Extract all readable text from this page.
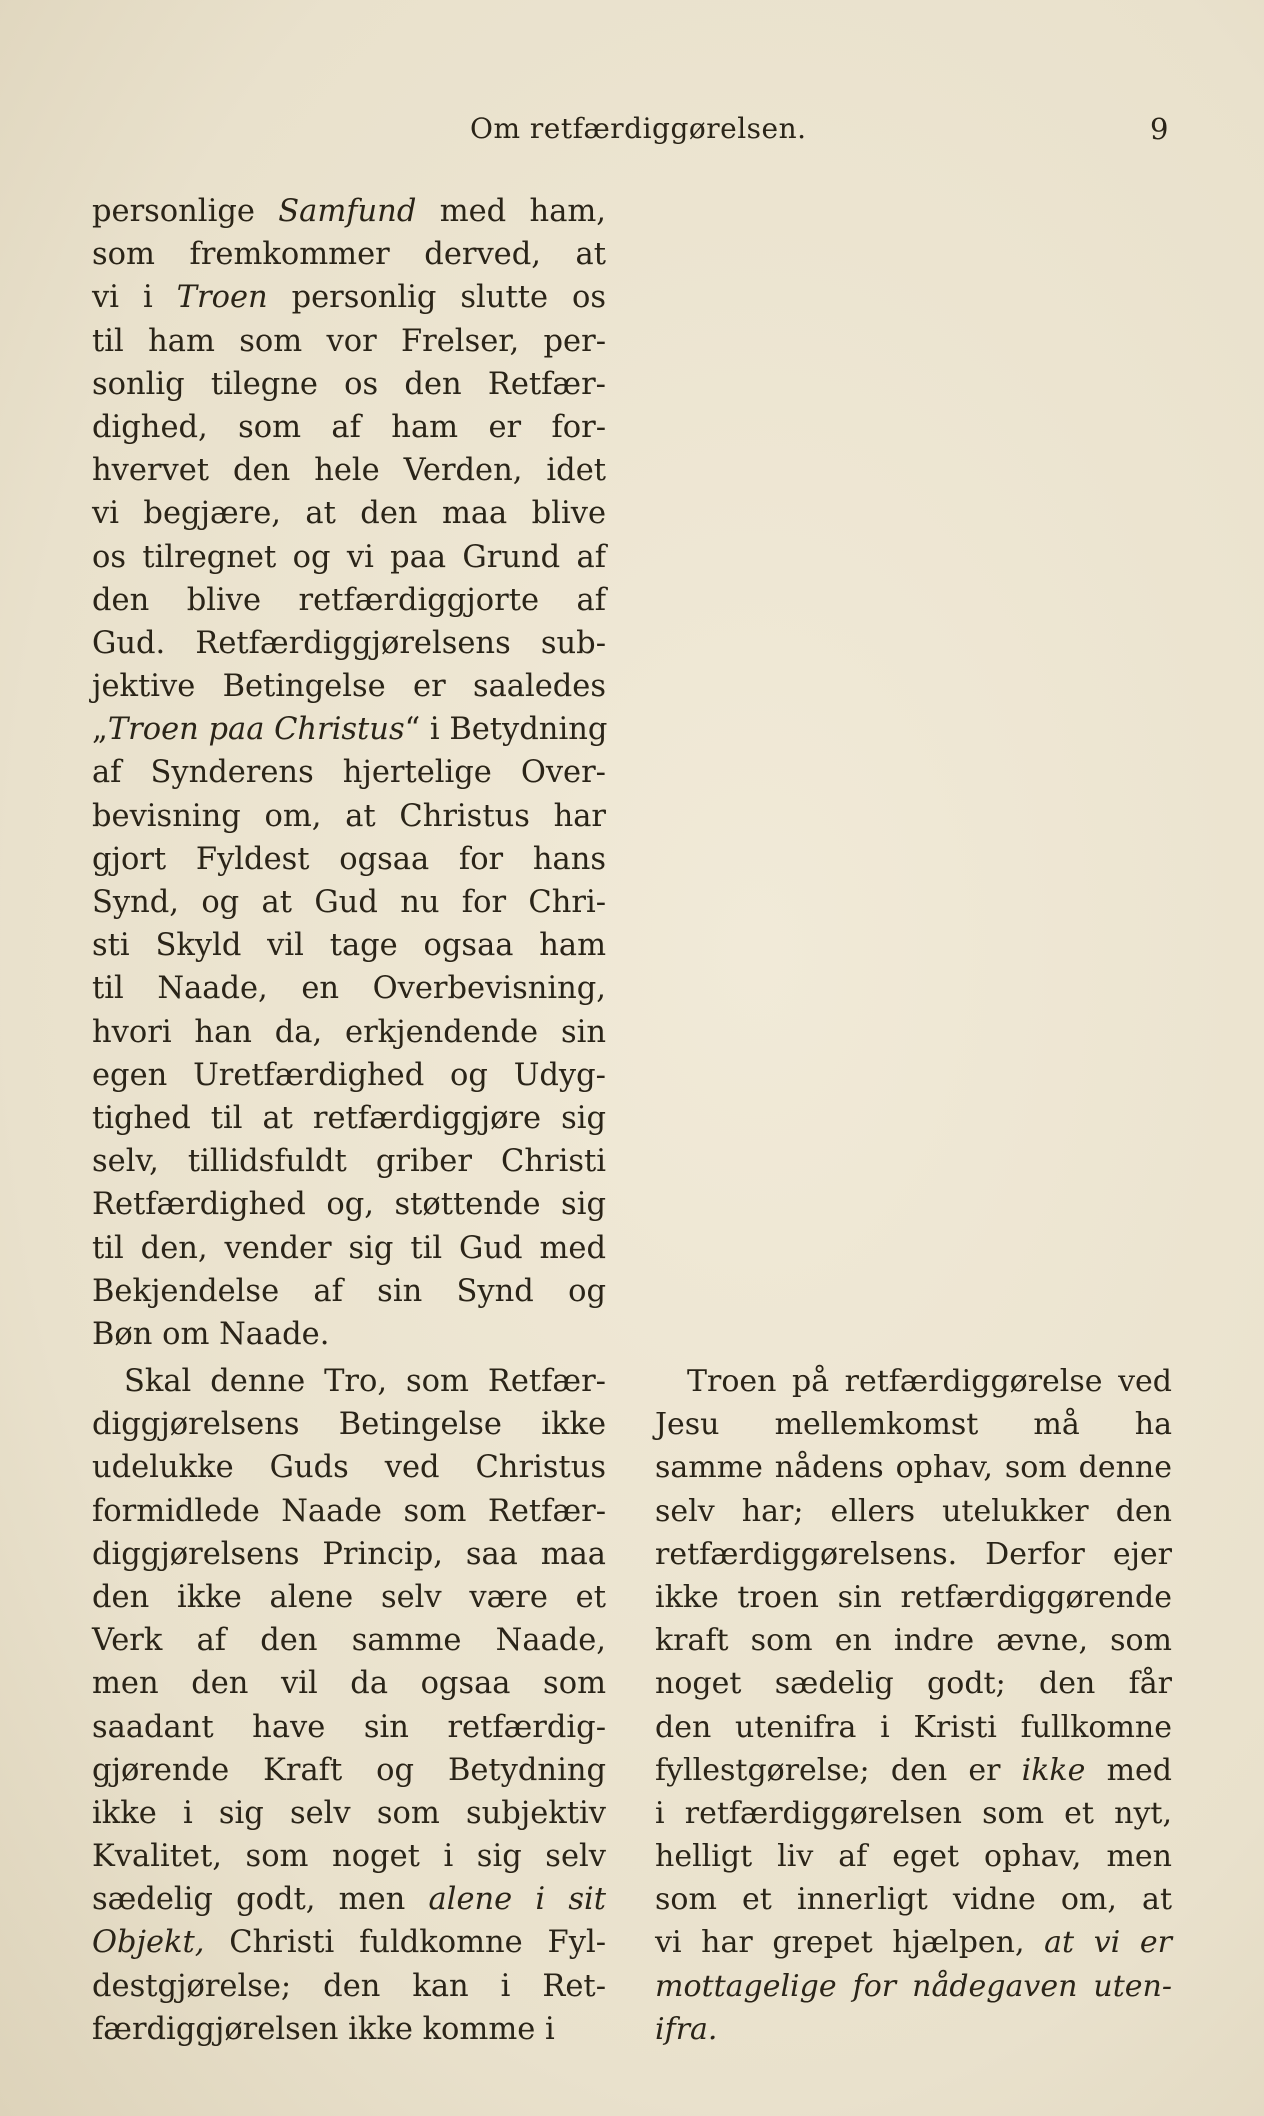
Om retfærdiggørelsen.	9
personlige Samfund med ham,
som fremkommer derved, at
vi i Troen personlig slutte os
til ham som vor Frelser, per-
sonlig tilegne os den Retfær-
dighed, som af ham er for-
hvervet den hele Verden, idet
vi begjære, at den maa blive
os tilregnet og vi paa Grund af
den blive retfærdiggjorte af
Gud. Retfærdiggjørelsens sub-
jektive Betingelse er saaledes
„Troen paa Christus“ i Betydning
af Synderens hjertelige Over-
bevisning om, at Christus har
gjort Fyldest ogsaa for hans
Synd, og at Gud nu for Chri-
sti Skyld vil tage ogsaa ham
til Naade, en Overbevisning,
hvori han da, erkjendende sin
egen Uretfærdighed og Udyg-
tighed til at retfærdiggjøre sig
selv, tillidsfuldt griber Christi
Retfærdighed og, støttende sig
til den, vender sig til Gud med
Bekjendelse af sin Synd og
Bøn om Naade.
Skal denne Tro, som Retfær-
diggjørelsens Betingelse ikke
udelukke Guds ved Christus
formidlede Naade som Retfær-
diggjørelsens Princip, saa maa
den ikke alene selv være et
Verk af den samme Naade,
men den vil da ogsaa som
saadant have sin retfærdig-
gjørende Kraft og Betydning
ikke i sig selv som subjektiv
Kvalitet, som noget i sig selv
sædelig godt, men alene i sit
Objekt, Christi fuldkomne Fyl-
destgjørelse; den kan i Ret-
færdiggjørelsen ikke komme i
Troen på retfærdiggørelse ved
Jesu mellemkomst må ha
samme nådens ophav, som denne
selv har; ellers utelukker den
retfærdiggørelsens. Derfor ejer
ikke troen sin retfærdiggørende
kraft som en indre ævne, som
noget sædelig godt; den får
den utenifra i Kristi fullkomne
fyllestgørelse; den er ikke med
i retfærdiggørelsen som et nyt,
helligt liv af eget ophav, men
som et innerligt vidne om, at
vi har grepet hjælpen, at vi er
mottagelige for nådegaven uten-
ifra.
